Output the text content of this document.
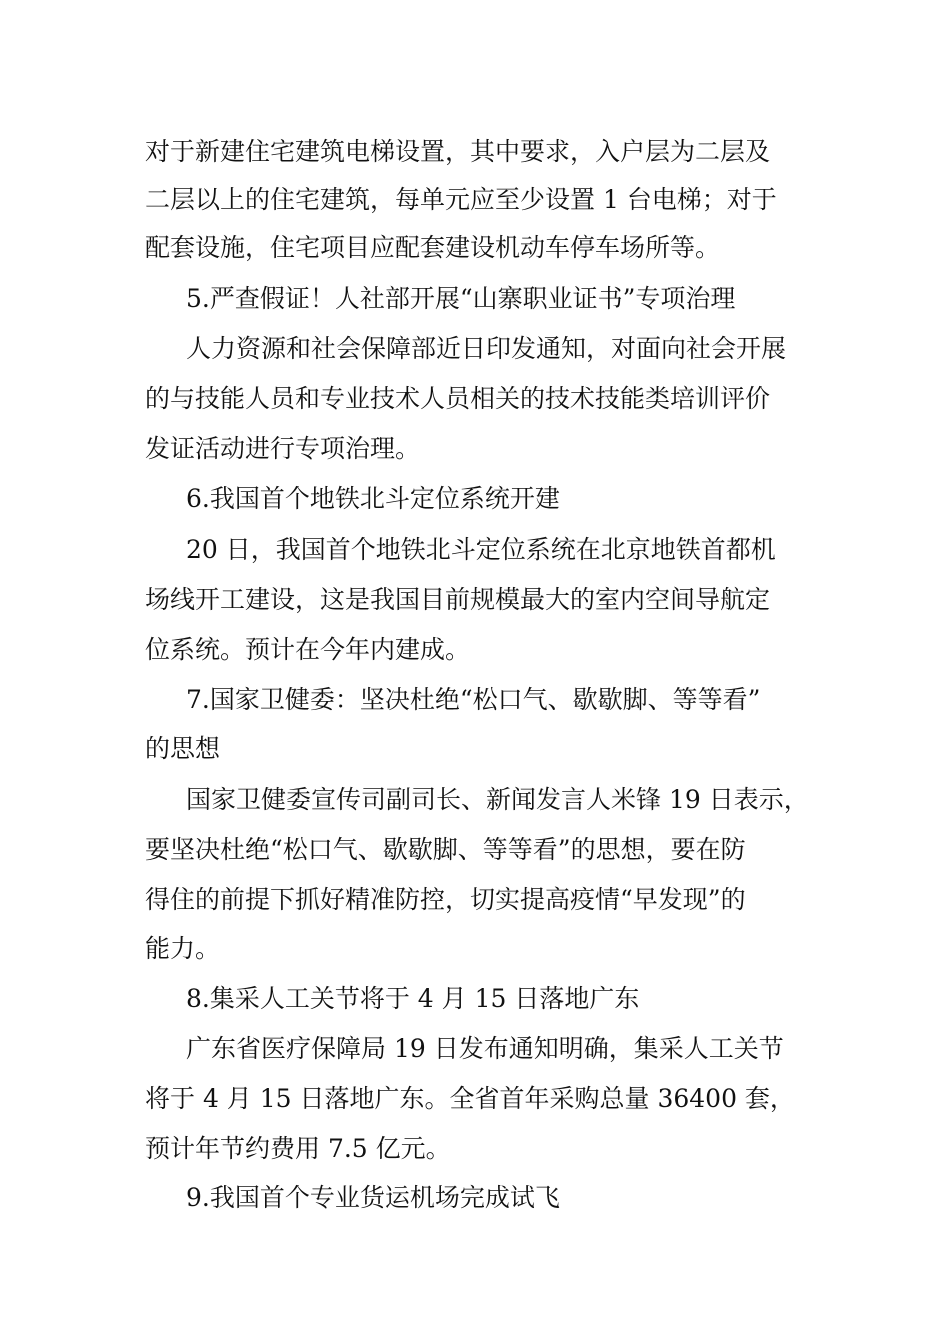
对于新建住宅建筑电梯设置，其中要求，入户层为二层及
二层以上的住宅建筑，每单元应至少设置 1 台电梯；对于
配套设施，住宅项目应配套建设机动车停车场所等。
5.严查假证！人社部开展“山寨职业证书”专项治理
人力资源和社会保障部近日印发通知，对面向社会开展
的与技能人员和专业技术人员相关的技术技能类培训评价
发证活动进行专项治理。
6.我国首个地铁北斗定位系统开建
20 日，我国首个地铁北斗定位系统在北京地铁首都机
场线开工建设，这是我国目前规模最大的室内空间导航定
位系统。预计在今年内建成。
7.国家卫健委：坚决杜绝“松口气、歇歇脚、等等看”
的思想
国家卫健委宣传司副司长、新闻发言人米锋 19 日表示，
要坚决杜绝“松口气、歇歇脚、等等看”的思想，要在防
得住的前提下抓好精准防控，切实提高疫情“早发现”的
能力。
8.集采人工关节将于 4 月 15 日落地广东
广东省医疗保障局 19 日发布通知明确，集采人工关节
将于 4 月 15 日落地广东。全省首年采购总量 36400 套，
预计年节约费用 7.5 亿元。
9.我国首个专业货运机场完成试飞
